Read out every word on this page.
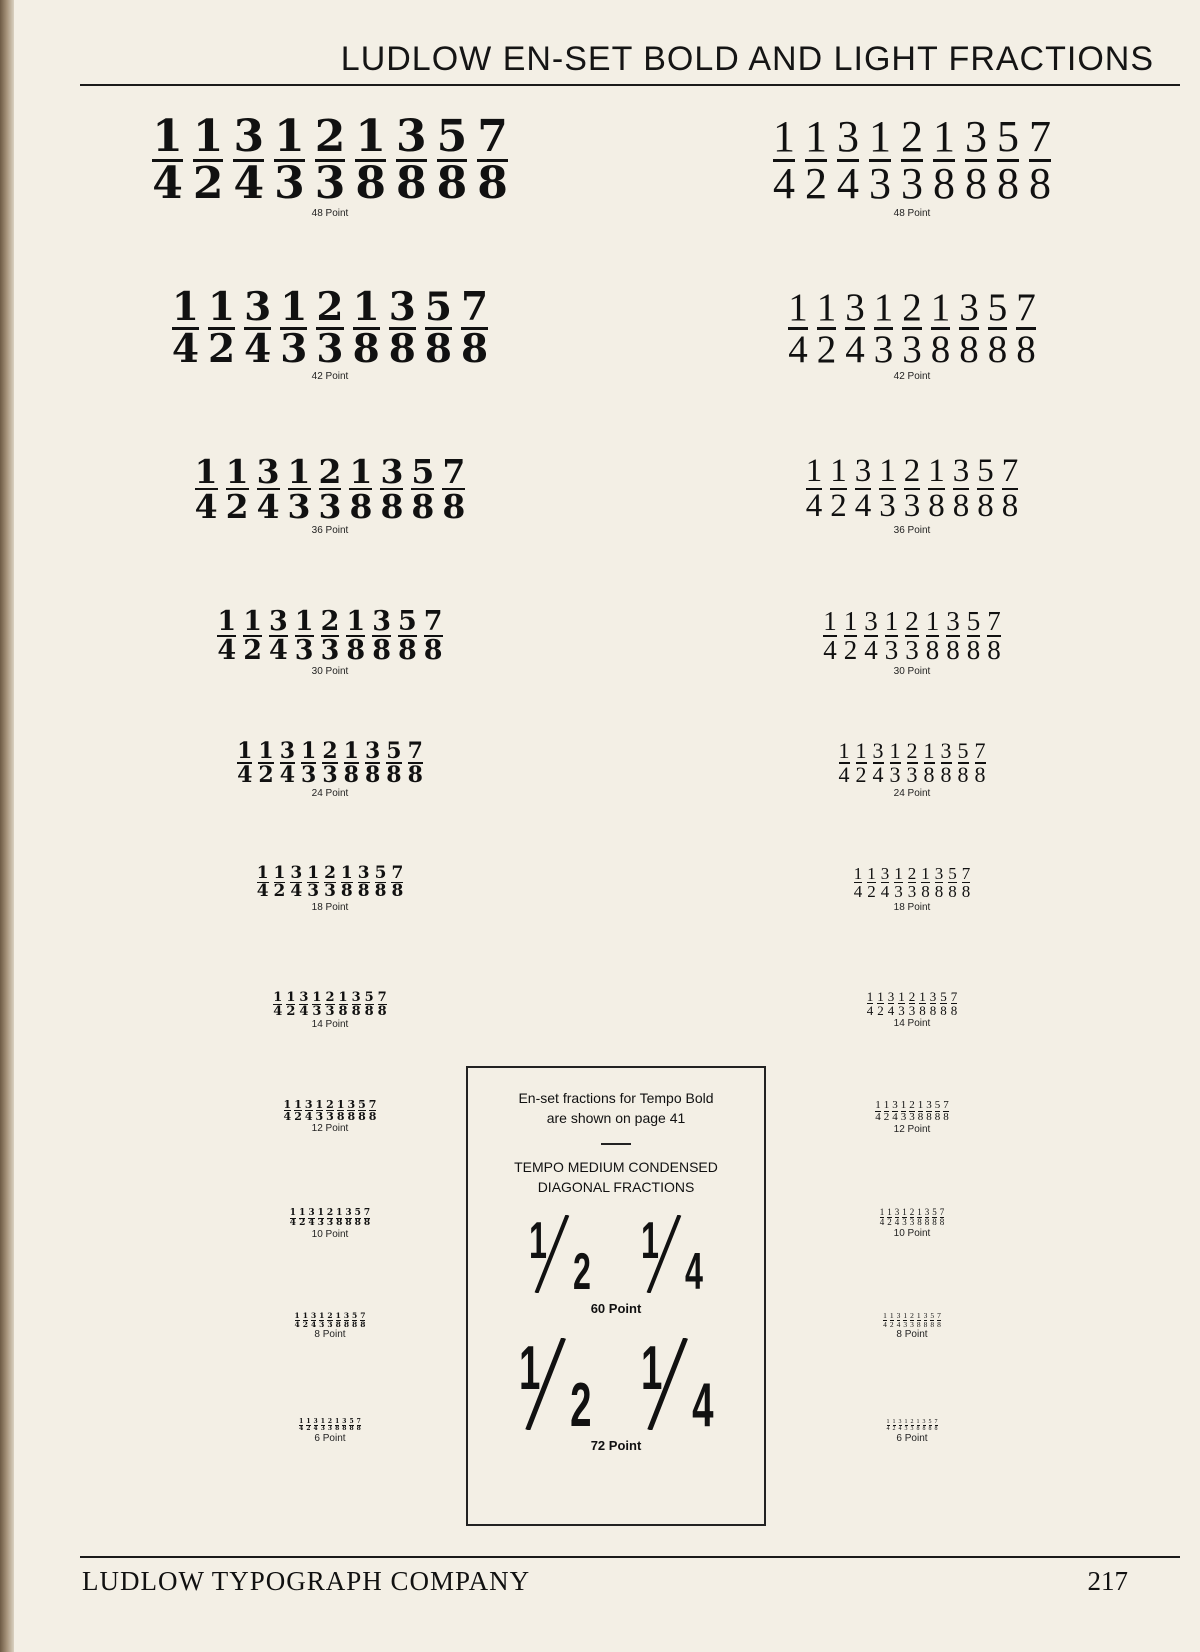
LUDLOW EN-SET BOLD AND LIGHT FRACTIONS
$\frac{1}{4} \frac{1}{2} \frac{3}{4} \frac{1}{3} \frac{2}{3} \frac{1}{8} \frac{3}{8} \frac{5}{8} \frac{7}{8}$
48 Point
$\frac{1}{4} \frac{1}{2} \frac{3}{4} \frac{1}{3} \frac{2}{3} \frac{1}{8} \frac{3}{8} \frac{5}{8} \frac{7}{8}$
42 Point
$\frac{1}{4} \frac{1}{2} \frac{3}{4} \frac{1}{3} \frac{2}{3} \frac{1}{8} \frac{3}{8} \frac{5}{8} \frac{7}{8}$
36 Point
$\frac{1}{4} \frac{1}{2} \frac{3}{4} \frac{1}{3} \frac{2}{3} \frac{1}{8} \frac{3}{8} \frac{5}{8} \frac{7}{8}$
30 Point
$\frac{1}{4} \frac{1}{2} \frac{3}{4} \frac{1}{3} \frac{2}{3} \frac{1}{8} \frac{3}{8} \frac{5}{8} \frac{7}{8}$
24 Point
$\frac{1}{4} \frac{1}{2} \frac{3}{4} \frac{1}{3} \frac{2}{3} \frac{1}{8} \frac{3}{8} \frac{5}{8} \frac{7}{8}$
18 Point
$\frac{1}{4} \frac{1}{2} \frac{3}{4} \frac{1}{3} \frac{2}{3} \frac{1}{8} \frac{3}{8} \frac{5}{8} \frac{7}{8}$
14 Point
$\frac{1}{4} \frac{1}{2} \frac{3}{4} \frac{1}{3} \frac{2}{3} \frac{1}{8} \frac{3}{8} \frac{5}{8} \frac{7}{8}$
12 Point
$\frac{1}{4} \frac{1}{2} \frac{3}{4} \frac{1}{3} \frac{2}{3} \frac{1}{8} \frac{3}{8} \frac{5}{8} \frac{7}{8}$
10 Point
$\frac{1}{4} \frac{1}{2} \frac{3}{4} \frac{1}{3} \frac{2}{3} \frac{1}{8} \frac{3}{8} \frac{5}{8} \frac{7}{8}$
8 Point
$\frac{1}{4} \frac{1}{2} \frac{3}{4} \frac{1}{3} \frac{2}{3} \frac{1}{8} \frac{3}{8} \frac{5}{8} \frac{7}{8}$
6 Point
$\frac{1}{4} \frac{1}{2} \frac{3}{4} \frac{1}{3} \frac{2}{3} \frac{1}{8} \frac{3}{8} \frac{5}{8} \frac{7}{8}$
48 Point
$\frac{1}{4} \frac{1}{2} \frac{3}{4} \frac{1}{3} \frac{2}{3} \frac{1}{8} \frac{3}{8} \frac{5}{8} \frac{7}{8}$
42 Point
$\frac{1}{4} \frac{1}{2} \frac{3}{4} \frac{1}{3} \frac{2}{3} \frac{1}{8} \frac{3}{8} \frac{5}{8} \frac{7}{8}$
36 Point
$\frac{1}{4} \frac{1}{2} \frac{3}{4} \frac{1}{3} \frac{2}{3} \frac{1}{8} \frac{3}{8} \frac{5}{8} \frac{7}{8}$
30 Point
$\frac{1}{4} \frac{1}{2} \frac{3}{4} \frac{1}{3} \frac{2}{3} \frac{1}{8} \frac{3}{8} \frac{5}{8} \frac{7}{8}$
24 Point
$\frac{1}{4} \frac{1}{2} \frac{3}{4} \frac{1}{3} \frac{2}{3} \frac{1}{8} \frac{3}{8} \frac{5}{8} \frac{7}{8}$
18 Point
$\frac{1}{4} \frac{1}{2} \frac{3}{4} \frac{1}{3} \frac{2}{3} \frac{1}{8} \frac{3}{8} \frac{5}{8} \frac{7}{8}$
14 Point
$\frac{1}{4} \frac{1}{2} \frac{3}{4} \frac{1}{3} \frac{2}{3} \frac{1}{8} \frac{3}{8} \frac{5}{8} \frac{7}{8}$
12 Point
$\frac{1}{4} \frac{1}{2} \frac{3}{4} \frac{1}{3} \frac{2}{3} \frac{1}{8} \frac{3}{8} \frac{5}{8} \frac{7}{8}$
10 Point
$\frac{1}{4} \frac{1}{2} \frac{3}{4} \frac{1}{3} \frac{2}{3} \frac{1}{8} \frac{3}{8} \frac{5}{8} \frac{7}{8}$
8 Point
$\frac{1}{4} \frac{1}{2} \frac{3}{4} \frac{1}{3} \frac{2}{3} \frac{1}{8} \frac{3}{8} \frac{5}{8} \frac{7}{8}$
6 Point
En-set fractions for Tempo Bold
are shown on page 41
TEMPO MEDIUM CONDENSED
DIAGONAL FRACTIONS
1
2
1
4
60 Point
1
2
1
4
72 Point
LUDLOW TYPOGRAPH COMPANY	217
